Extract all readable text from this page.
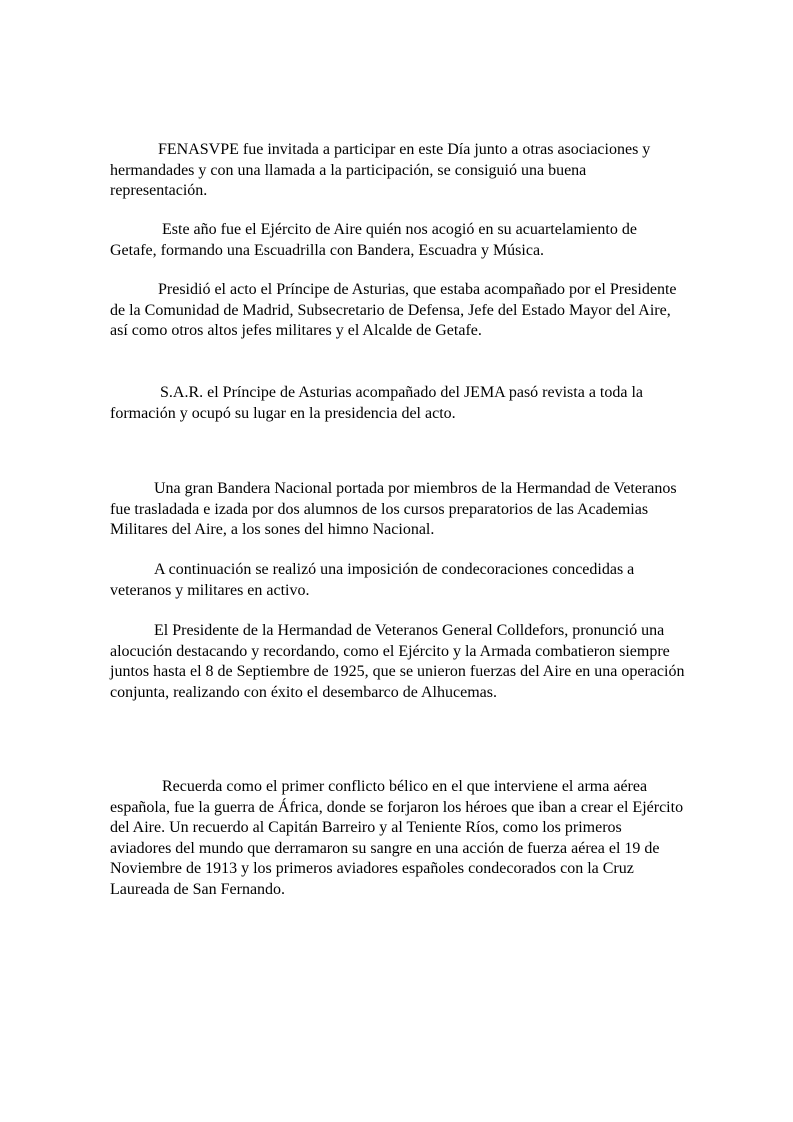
FENASVPE fue invitada a participar en este Día junto a otras asociaciones y hermandades y con una llamada a la participación, se consiguió una buena representación.

Este año fue el Ejército de Aire quién nos acogió en su acuartelamiento de Getafe, formando una Escuadrilla con Bandera, Escuadra y Música.

Presidió el acto el Príncipe de Asturias, que estaba acompañado por el Presidente de la Comunidad de Madrid, Subsecretario de Defensa, Jefe del Estado Mayor del Aire, así como otros altos jefes militares y el Alcalde de Getafe.

S.A.R. el Príncipe de Asturias acompañado del JEMA pasó revista a toda la formación y ocupó su lugar en la presidencia del acto.

Una gran Bandera Nacional portada por miembros de la Hermandad de Veteranos fue trasladada e izada por dos alumnos de los cursos preparatorios de las Academias Militares del Aire, a los sones del himno Nacional.

A continuación se realizó una imposición de condecoraciones concedidas a veteranos y militares en activo.

El Presidente de la Hermandad de Veteranos General Colldefors, pronunció una alocución destacando y recordando, como el Ejército y la Armada combatieron siempre juntos hasta el 8 de Septiembre de 1925, que se unieron fuerzas del Aire en una operación conjunta, realizando con éxito el desembarco de Alhucemas.

Recuerda como el primer conflicto bélico en el que interviene el arma aérea española, fue la guerra de África, donde se forjaron los héroes que iban a crear el Ejército del Aire. Un recuerdo al Capitán Barreiro y al Teniente Ríos, como los primeros aviadores del mundo que derramaron su sangre en una acción de fuerza aérea el 19 de Noviembre de 1913 y los primeros aviadores españoles condecorados con la Cruz Laureada de San Fernando.
